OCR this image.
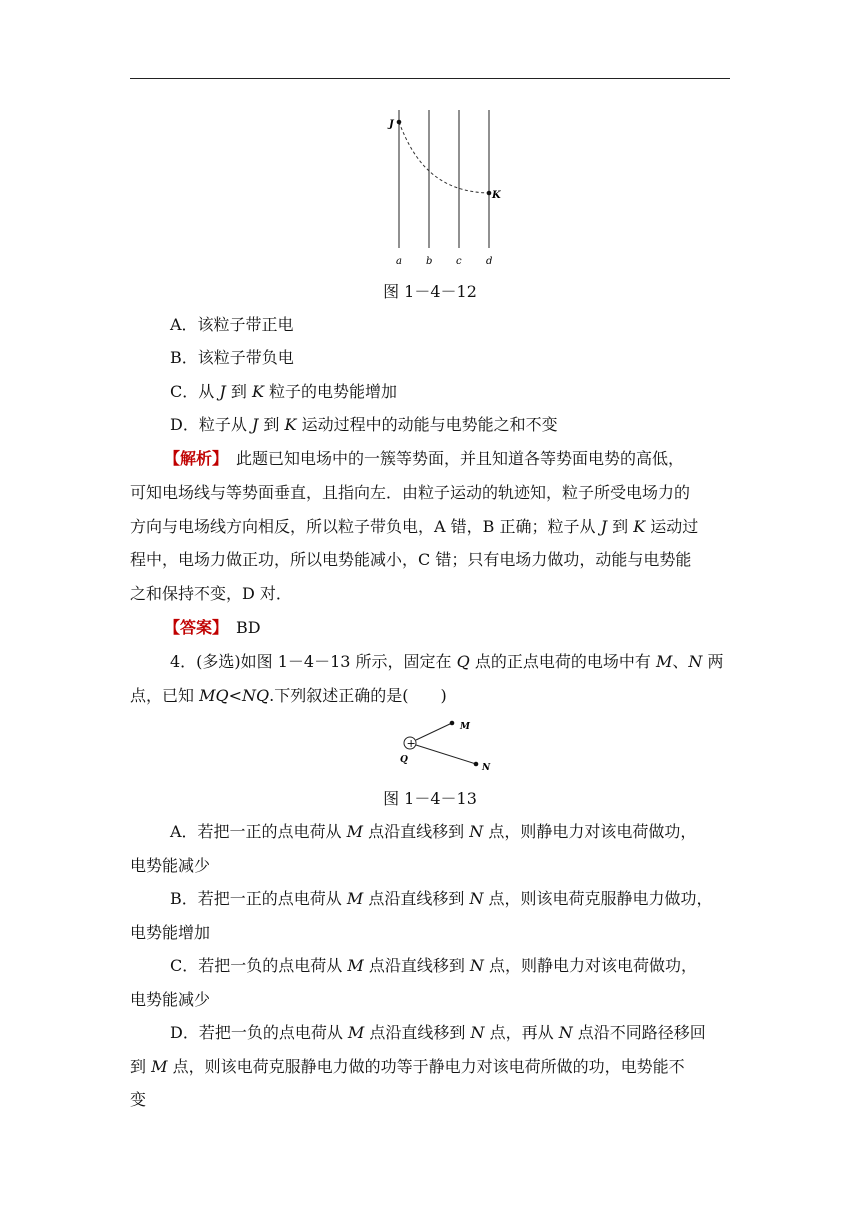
J
K
a b c d
图 1－4－12
A．该粒子带正电
B．该粒子带负电
C．从 J 到 K 粒子的电势能增加
D．粒子从 J 到 K 运动过程中的动能与电势能之和不变
【解析】　此题已知电场中的一簇等势面，并且知道各等势面电势的高低，
可知电场线与等势面垂直，且指向左．由粒子运动的轨迹知，粒子所受电场力的
方向与电场线方向相反，所以粒子带负电，A 错，B 正确；粒子从 J 到 K 运动过
程中，电场力做正功，所以电势能减小，C 错；只有电场力做功，动能与电势能
之和保持不变，D 对．
【答案】　BD
4．(多选)如图 1－4－13 所示，固定在 Q 点的正点电荷的电场中有 M、N 两
点，已知 MQ<NQ.下列叙述正确的是(　　)
+
M
N
Q
图 1－4－13
A．若把一正的点电荷从 M 点沿直线移到 N 点，则静电力对该电荷做功，
电势能减少
B．若把一正的点电荷从 M 点沿直线移到 N 点，则该电荷克服静电力做功，
电势能增加
C．若把一负的点电荷从 M 点沿直线移到 N 点，则静电力对该电荷做功，
电势能减少
D．若把一负的点电荷从 M 点沿直线移到 N 点，再从 N 点沿不同路径移回
到 M 点，则该电荷克服静电力做的功等于静电力对该电荷所做的功，电势能不
变
